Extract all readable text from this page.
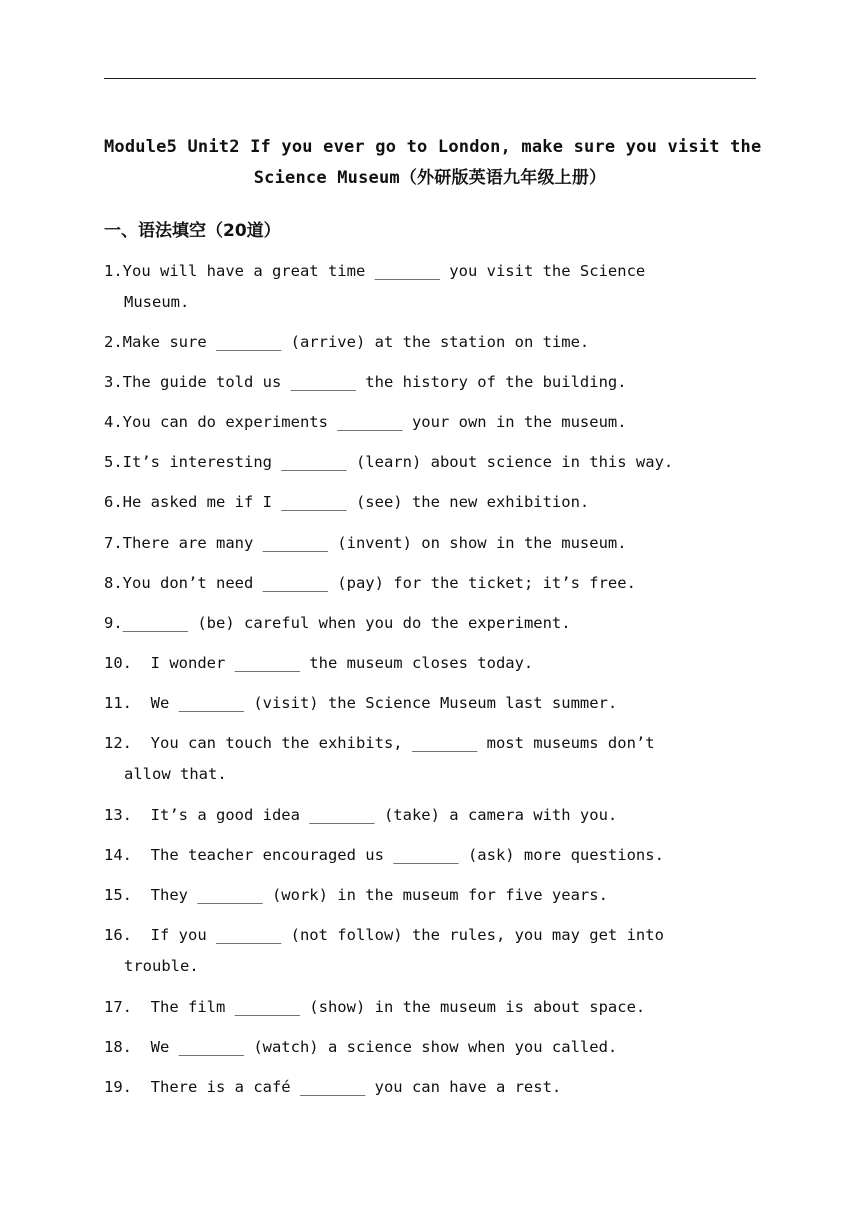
Module5 Unit2 If you ever go to London, make sure you visit the
Science Museum（外研版英语九年级上册）
一、语法填空（20道）
1.You will have a great time _______ you visit the Science
Museum.
2.Make sure _______ (arrive) at the station on time.
3.The guide told us _______ the history of the building.
4.You can do experiments _______ your own in the museum.
5.It’s interesting _______ (learn) about science in this way.
6.He asked me if I _______ (see) the new exhibition.
7.There are many _______ (invent) on show in the museum.
8.You don’t need _______ (pay) for the ticket; it’s free.
9._______ (be) careful when you do the experiment.
10.  I wonder _______ the museum closes today.
11.  We _______ (visit) the Science Museum last summer.
12.  You can touch the exhibits, _______ most museums don’t
allow that.
13.  It’s a good idea _______ (take) a camera with you.
14.  The teacher encouraged us _______ (ask) more questions.
15.  They _______ (work) in the museum for five years.
16.  If you _______ (not follow) the rules, you may get into
trouble.
17.  The film _______ (show) in the museum is about space.
18.  We _______ (watch) a science show when you called.
19.  There is a café _______ you can have a rest.
